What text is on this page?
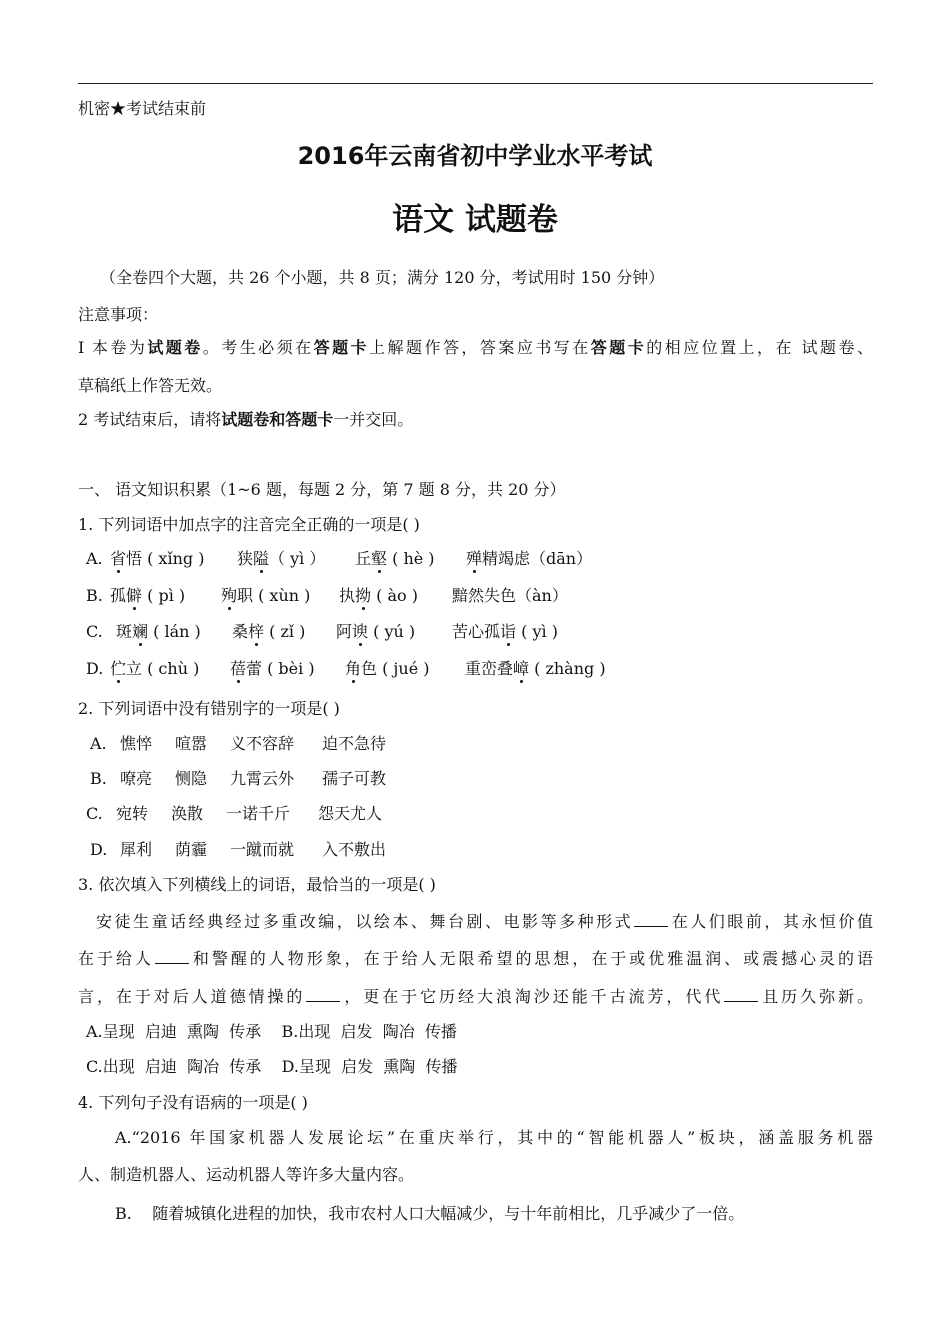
机密★考试结束前
2016年云南省初中学业水平考试
语文 试题卷
（全卷四个大题，共 26 个小题，共 8 页；满分 120 分，考试用时 150 分钟）
注意事项：
I 本卷为试题卷。考生必须在答题卡上解题作答，答案应书写在答题卡的相应位置上，在 试题卷、
草稿纸上作答无效。
2 考试结束后，请将试题卷和答题卡一并交回。
一、 语文知识积累（1~6 题，每题 2 分，第 7 题 8 分，共 20 分）
1. 下列词语中加点字的注音完全正确的一项是( )
A. 省悟 ( xǐng )	狭隘（ yì ）	丘壑 ( hè )	殚精竭虑（dān）
B. 孤僻 ( pì )	殉职 ( xùn )	执拗 ( ào )	黯然失色（àn）
C. 斑斓 ( lán )	桑梓 ( zǐ )	阿谀 ( yú )	苦心孤诣 ( yì )
D. 伫立 ( chù )	蓓蕾 ( bèi )	角色 ( jué )	重峦叠嶂 ( zhàng )
2. 下列词语中没有错别字的一项是( )
A. 憔悴	喧嚣	义不容辞	迫不急待
B. 嘹亮	恻隐	九霄云外	孺子可教
C. 宛转	涣散	一诺千斤	怨天尤人
D. 犀利	荫霾	一蹴而就	入不敷出
3. 依次填入下列横线上的词语，最恰当的一项是( )
安徒生童话经典经过多重改编，以绘本、舞台剧、电影等多种形式 在人们眼前，其永恒价值
在于给人 和警醒的人物形象，在于给人无限希望的思想，在于或优雅温润、或震撼心灵的语
言，在于对后人道德情操的 ，更在于它历经大浪淘沙还能千古流芳，代代 且历久弥新。
A.呈现  启迪  熏陶  传承    B.出现  启发  陶冶  传播
C.出现  启迪  陶冶  传承    D.呈现  启发  熏陶  传播
4. 下列句子没有语病的一项是( )
A.“2016 年国家机器人发展论坛”在重庆举行，其中的“智能机器人”板块，涵盖服务机器
人、制造机器人、运动机器人等许多大量内容。
B.    随着城镇化进程的加快，我市农村人口大幅减少，与十年前相比，几乎减少了一倍。
